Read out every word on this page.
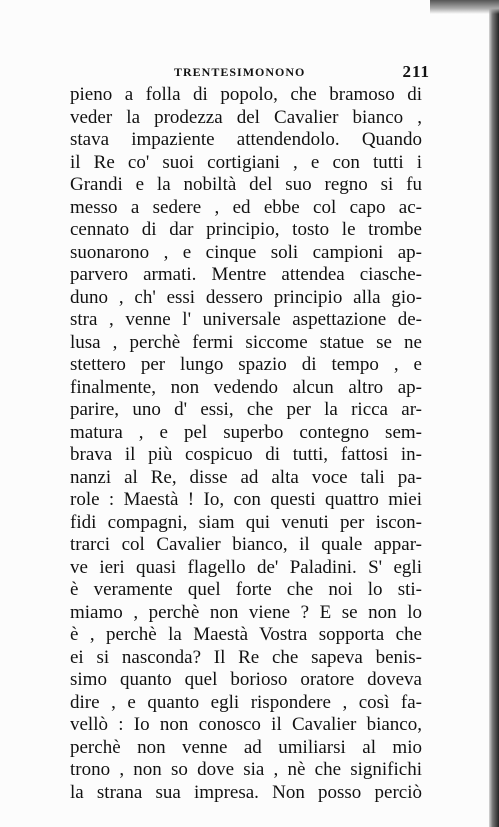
TRENTESIMONONO	211
pieno a folla di popolo, che bramoso di
veder la prodezza del Cavalier bianco ,
stava impaziente attendendolo. Quando
il Re co' suoi cortigiani , e con tutti i
Grandi e la nobiltà del suo regno si fu
messo a sedere , ed ebbe col capo ac-
cennato di dar principio, tosto le trombe
suonarono , e cinque soli campioni ap-
parvero armati. Mentre attendea ciasche-
duno , ch' essi dessero principio alla gio-
stra , venne l' universale aspettazione de-
lusa , perchè fermi siccome statue se ne
stettero per lungo spazio di tempo , e
finalmente, non vedendo alcun altro ap-
parire, uno d' essi, che per la ricca ar-
matura , e pel superbo contegno sem-
brava il più cospicuo di tutti, fattosi in-
nanzi al Re, disse ad alta voce tali pa-
role : Maestà ! Io, con questi quattro miei
fidi compagni, siam qui venuti per iscon-
trarci col Cavalier bianco, il quale appar-
ve ieri quasi flagello de' Paladini. S' egli
è veramente quel forte che noi lo sti-
miamo , perchè non viene ? E se non lo
è , perchè la Maestà Vostra sopporta che
ei si nasconda? Il Re che sapeva benis-
simo quanto quel borioso oratore doveva
dire , e quanto egli rispondere , così fa-
vellò : Io non conosco il Cavalier bianco,
perchè non venne ad umiliarsi al mio
trono , non so dove sia , nè che significhi
la strana sua impresa. Non posso perciò
